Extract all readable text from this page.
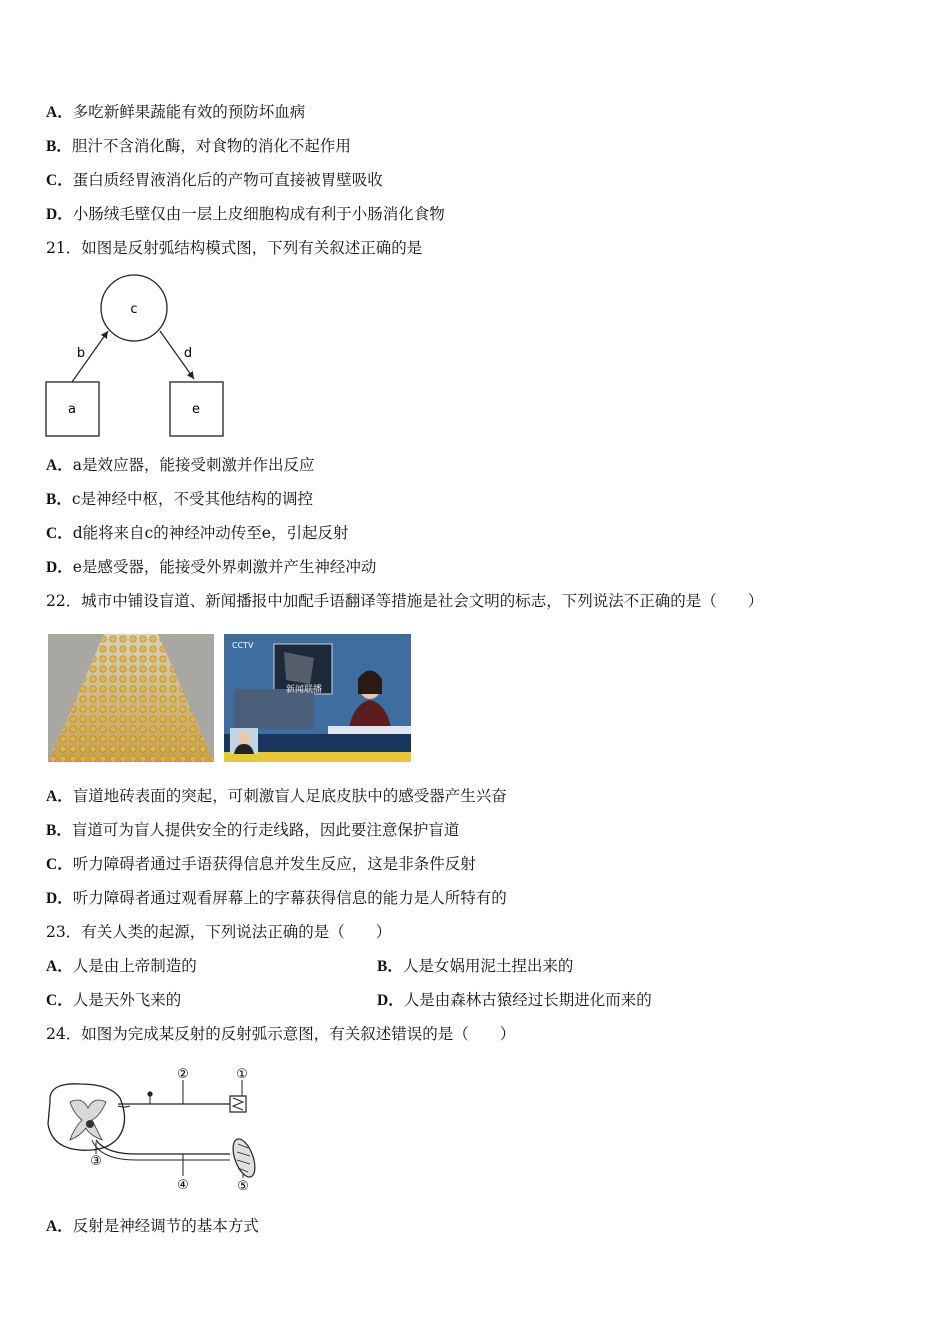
A．多吃新鲜果蔬能有效的预防坏血病
B．胆汁不含消化酶，对食物的消化不起作用
C．蛋白质经胃液消化后的产物可直接被胃壁吸收
D．小肠绒毛壁仅由一层上皮细胞构成有利于小肠消化食物
21．如图是反射弧结构模式图，下列有关叙述正确的是
c
a	e
b	d
A．a是效应器，能接受刺激并作出反应
B．c是神经中枢，不受其他结构的调控
C．d能将来自c的神经冲动传至e，引起反射
D．e是感受器，能接受外界刺激并产生神经冲动
22．城市中铺设盲道、新闻播报中加配手语翻译等措施是社会文明的标志，下列说法不正确的是（　　）
CCTV
新闻联播
A．盲道地砖表面的突起，可刺激盲人足底皮肤中的感受器产生兴奋
B．盲道可为盲人提供安全的行走线路，因此要注意保护盲道
C．听力障碍者通过手语获得信息并发生反应，这是非条件反射
D．听力障碍者通过观看屏幕上的字幕获得信息的能力是人所特有的
23．有关人类的起源，下列说法正确的是（　　）
A．人是由上帝制造的	B．人是女娲用泥土捏出来的
C．人是天外飞来的	D．人是由森林古猿经过长期进化而来的
24．如图为完成某反射的反射弧示意图，有关叙述错误的是（　　）
②	①
③
④	⑤
A．反射是神经调节的基本方式
